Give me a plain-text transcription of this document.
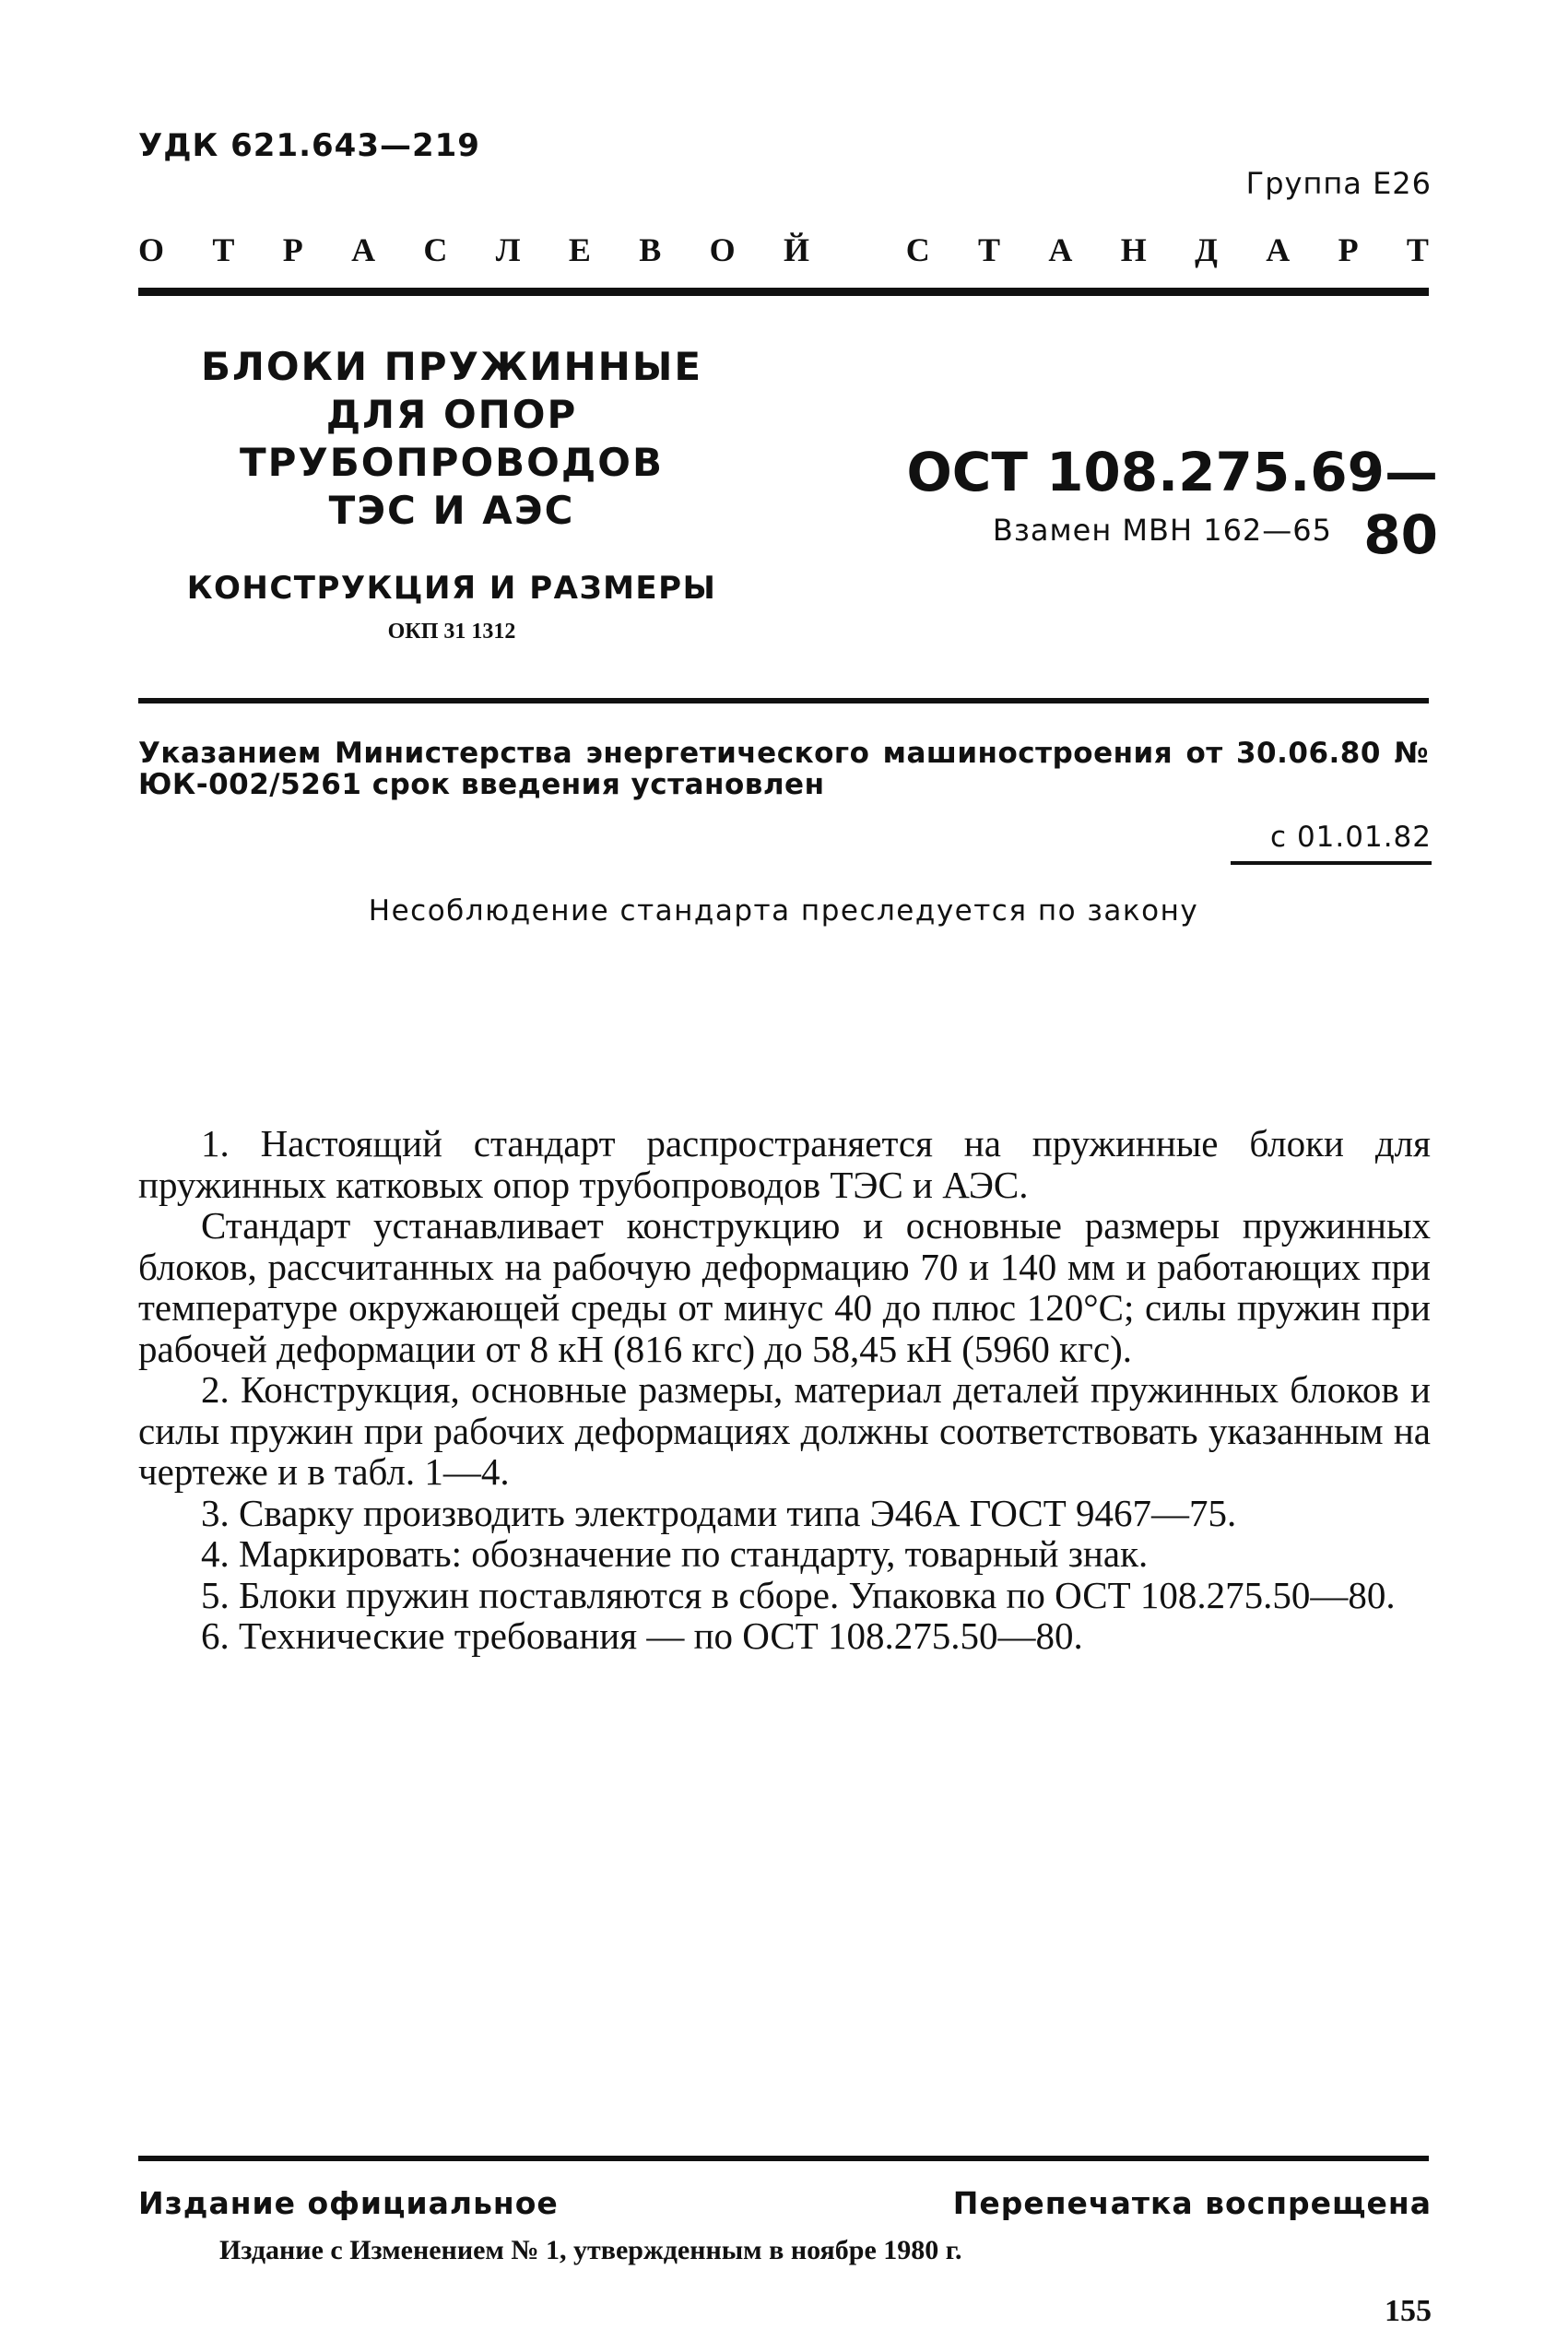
УДК 621.643—219
Группа Е26
О Т Р А С Л Е В О Й	С Т А Н Д А Р Т
БЛОКИ ПРУЖИННЫЕ
ДЛЯ ОПОР
ТРУБОПРОВОДОВ
ТЭС И АЭС
КОНСТРУКЦИЯ И РАЗМЕРЫ
ОКП 31 1312
ОСТ 108.275.69—80
Взамен МВН 162—65
Указанием Министерства энергетического машиностроения от 30.06.80 № ЮК-002/5261 срок введения установлен
с 01.01.82
Несоблюдение стандарта преследуется по закону

1. Настоящий стандарт распространяется на пружинные блоки для пружинных катковых опор трубопроводов ТЭС и АЭС.

Стандарт устанавливает конструкцию и основные размеры пружинных блоков, рассчитанных на рабочую деформацию 70 и 140 мм и работающих при температуре окружающей среды от минус 40 до плюс 120°С; силы пружин при рабочей деформации от 8 кН (816 кгс) до 58,45 кН (5960 кгс).

2. Конструкция, основные размеры, материал деталей пружинных блоков и силы пружин при рабочих деформациях должны соответствовать указанным на чертеже и в табл. 1—4.

3. Сварку производить электродами типа Э46А ГОСТ 9467—75.

4. Маркировать: обозначение по стандарту, товарный знак.

5. Блоки пружин поставляются в сборе. Упаковка по ОСТ 108.275.50—80.

6. Технические требования — по ОСТ 108.275.50—80.

Издание официальное	Перепечатка воспрещена
Издание с Изменением № 1, утвержденным в ноябре 1980 г.
155
